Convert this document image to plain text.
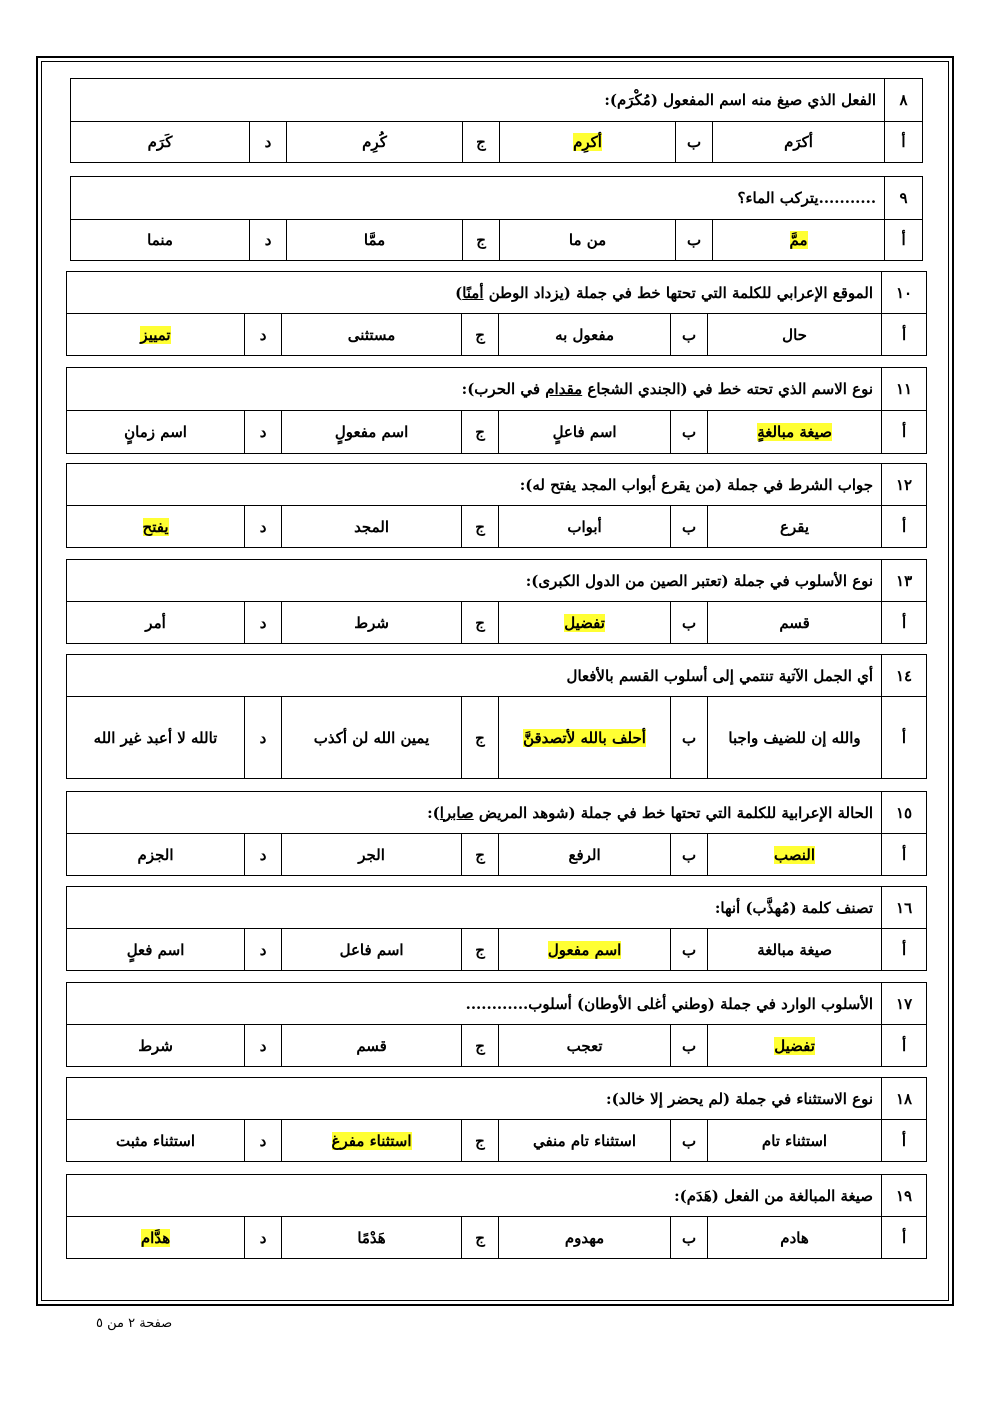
٨	الفعل الذي صيغ منه اسم المفعول (مُكْرَم):						
أ	أكرَم	ب	أكرِم	ج	كُرِم	د	كَرَم
٩	...........يتركب الماء؟						
أ	ممَّ	ب	من ما	ج	ممَّا	د	منما
١٠	الموقع الإعرابي للكلمة التي تحتها خط في جملة (يزداد الوطن أمنًا)						
أ	حال	ب	مفعول به	ج	مستثنى	د	تمييز
١١	نوع الاسم الذي تحته خط في (الجندي الشجاع مقدام في الحرب):						
أ	صيغة مبالغةٍ	ب	اسم فاعلٍ	ج	اسم مفعولٍ	د	اسم زمانٍ
١٢	جواب الشرط في جملة (من يقرع أبواب المجد يفتح له):						
أ	يقرع	ب	أبواب	ج	المجد	د	يفتح
١٣	نوع الأسلوب في جملة (تعتبر الصين من الدول الكبرى):						
أ	قسم	ب	تفضيل	ج	شرط	د	أمر
١٤	أي الجمل الآتية تنتمي إلى أسلوب القسم بالأفعال						
أ	والله إن للضيف واجبا	ب	أحلف بالله لأتصدقنَّ	ج	يمين الله لن أكذب	د	تالله لا أعبد غير الله
١٥	الحالة الإعرابية للكلمة التي تحتها خط في جملة (شوهد المريض صابرا):						
أ	النصب	ب	الرفع	ج	الجر	د	الجزم
١٦	تصنف كلمة (مُهذَّب) أنها:						
أ	صيغة مبالغة	ب	اسم مفعول	ج	اسم فاعل	د	اسم فعلٍ
١٧	الأسلوب الوارد في جملة (وطني أغلى الأوطان) أسلوب............						
أ	تفضيل	ب	تعجب	ج	قسم	د	شرط
١٨	نوع الاستثناء في جملة (لم يحضر إلا خالد):						
أ	استثناء تام	ب	استثناء تام منفي	ج	استثناء مفرغ	د	استثناء مثبت
١٩	صيغة المبالغة من الفعل (هَدَم):						
أ	هادم	ب	مهدوم	ج	هَدْمًا	د	هدَّام
صفحة ٢ من ٥
